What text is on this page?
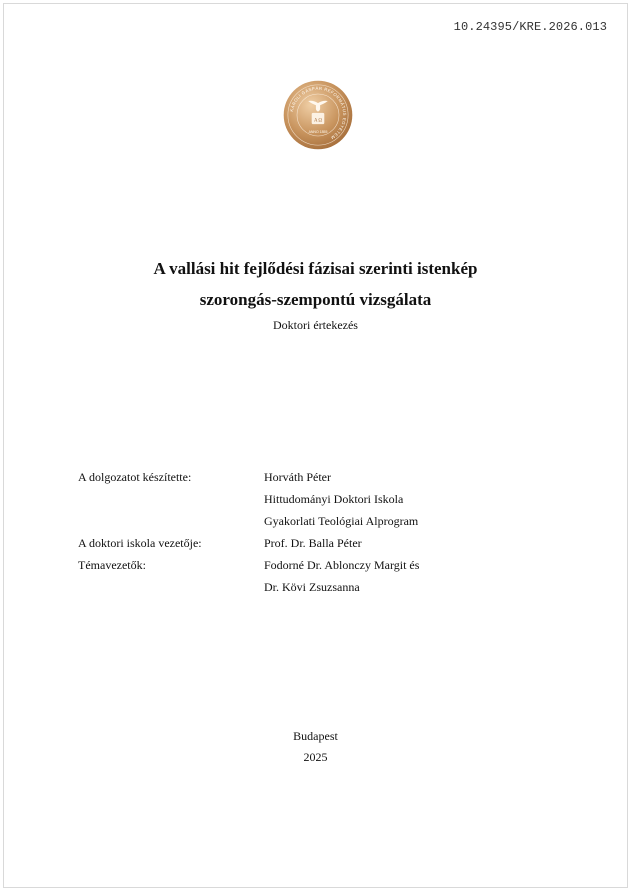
10.24395/KRE.2026.013
KÁROLI GÁSPÁR REFORMÁTUS EGYETEM
A Ω
ANNO 1855
A vallási hit fejlődési fázisai szerinti istenkép
szorongás-szempontú vizsgálata
Doktori értekezés
A dolgozatot készítette:	Horváth Péter
Hittudományi Doktori Iskola
Gyakorlati Teológiai Alprogram
A doktori iskola vezetője:	Prof. Dr. Balla Péter
Témavezetők:	Fodorné Dr. Ablonczy Margit és
Dr. Kövi Zsuzsanna
Budapest
2025
